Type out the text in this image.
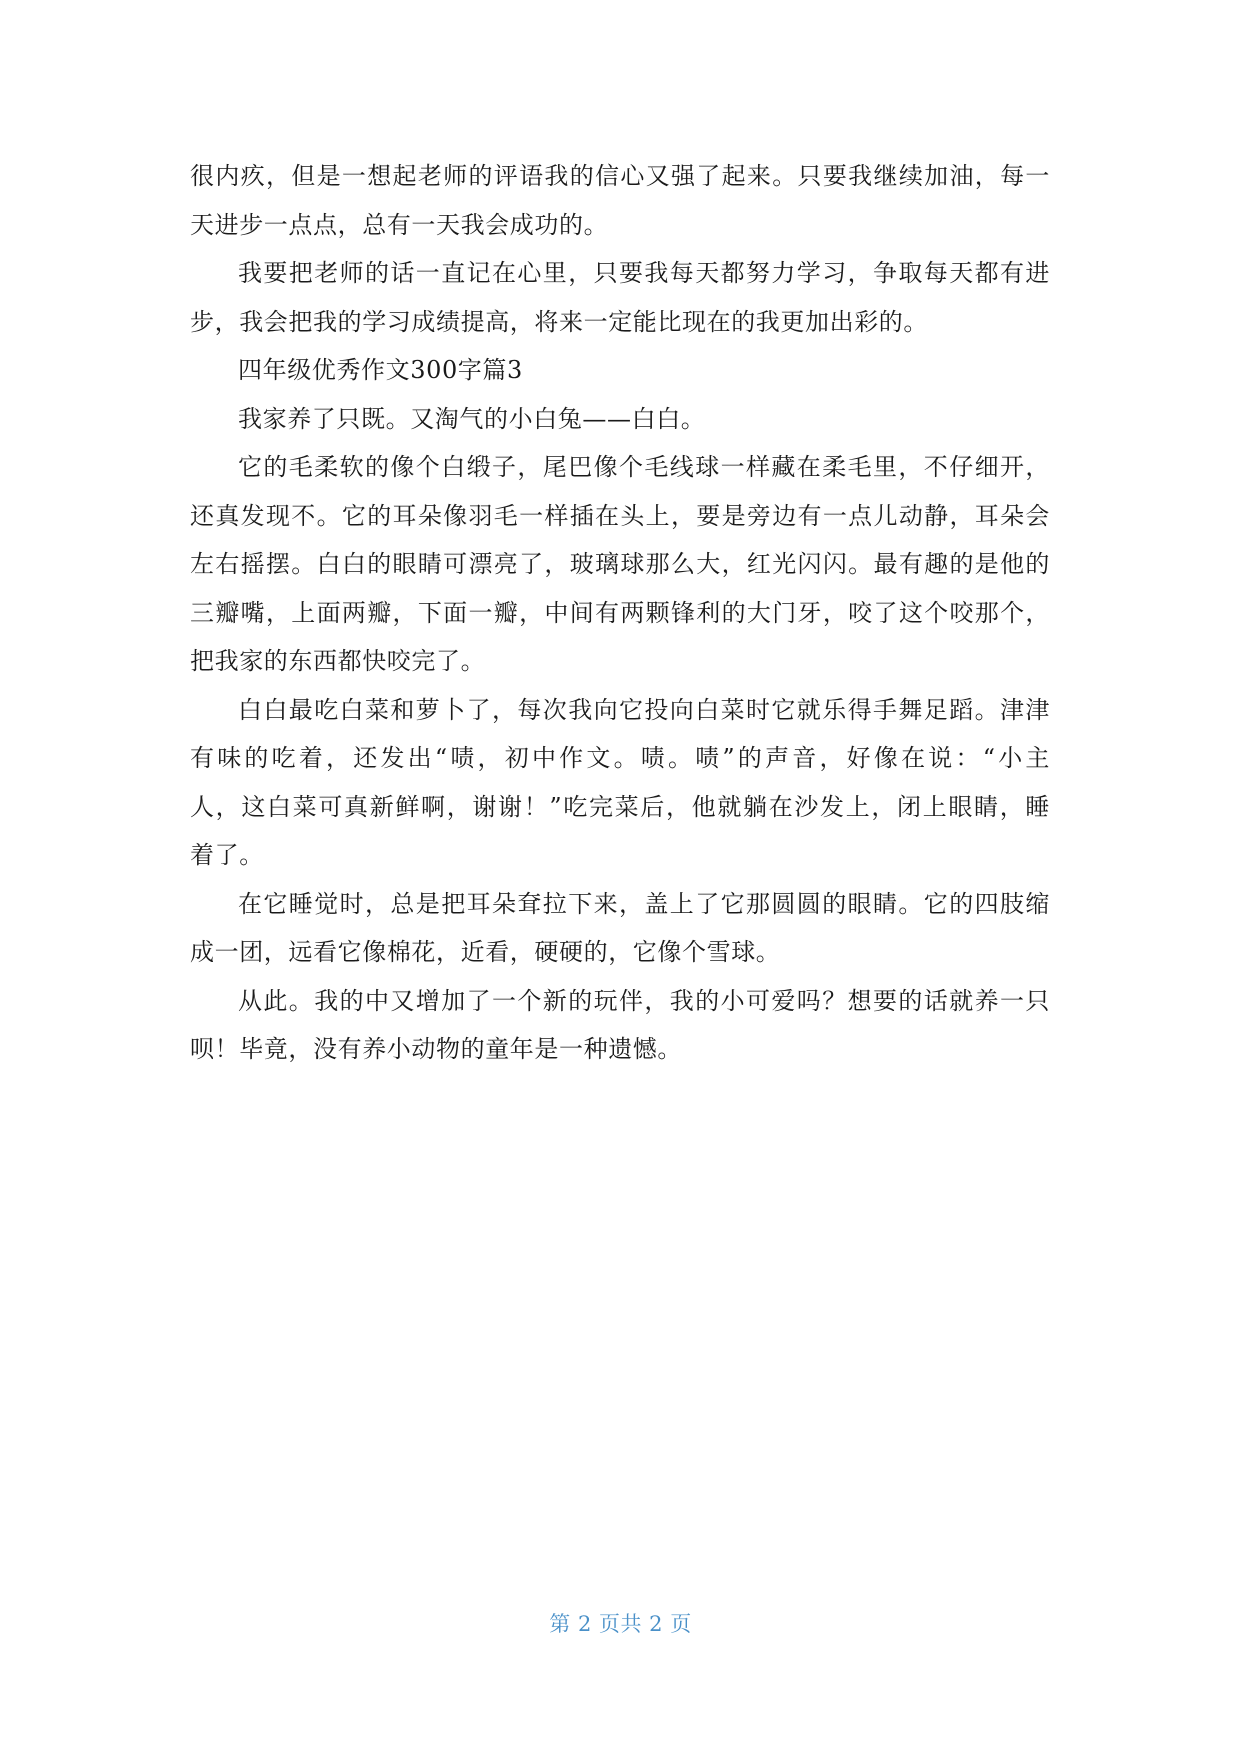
很内疚，但是一想起老师的评语我的信心又强了起来。只要我继续加油，每一
天进步一点点，总有一天我会成功的。

我要把老师的话一直记在心里，只要我每天都努力学习，争取每天都有进
步，我会把我的学习成绩提高，将来一定能比现在的我更加出彩的。

四年级优秀作文300字篇3

我家养了只既。又淘气的小白兔——白白。

它的毛柔软的像个白缎子，尾巴像个毛线球一样藏在柔毛里，不仔细开，
还真发现不。它的耳朵像羽毛一样插在头上，要是旁边有一点儿动静，耳朵会
左右摇摆。白白的眼睛可漂亮了，玻璃球那么大，红光闪闪。最有趣的是他的
三瓣嘴，上面两瓣，下面一瓣，中间有两颗锋利的大门牙，咬了这个咬那个，
把我家的东西都快咬完了。

白白最吃白菜和萝卜了，每次我向它投向白菜时它就乐得手舞足蹈。津津
有味的吃着，还发出“啧，初中作文。啧。啧”的声音，好像在说：“小主
人，这白菜可真新鲜啊，谢谢！”吃完菜后，他就躺在沙发上，闭上眼睛，睡
着了。

在它睡觉时，总是把耳朵耷拉下来，盖上了它那圆圆的眼睛。它的四肢缩
成一团，远看它像棉花，近看，硬硬的，它像个雪球。

从此。我的中又增加了一个新的玩伴，我的小可爱吗？想要的话就养一只
呗！毕竟，没有养小动物的童年是一种遗憾。

第 2 页共 2 页
